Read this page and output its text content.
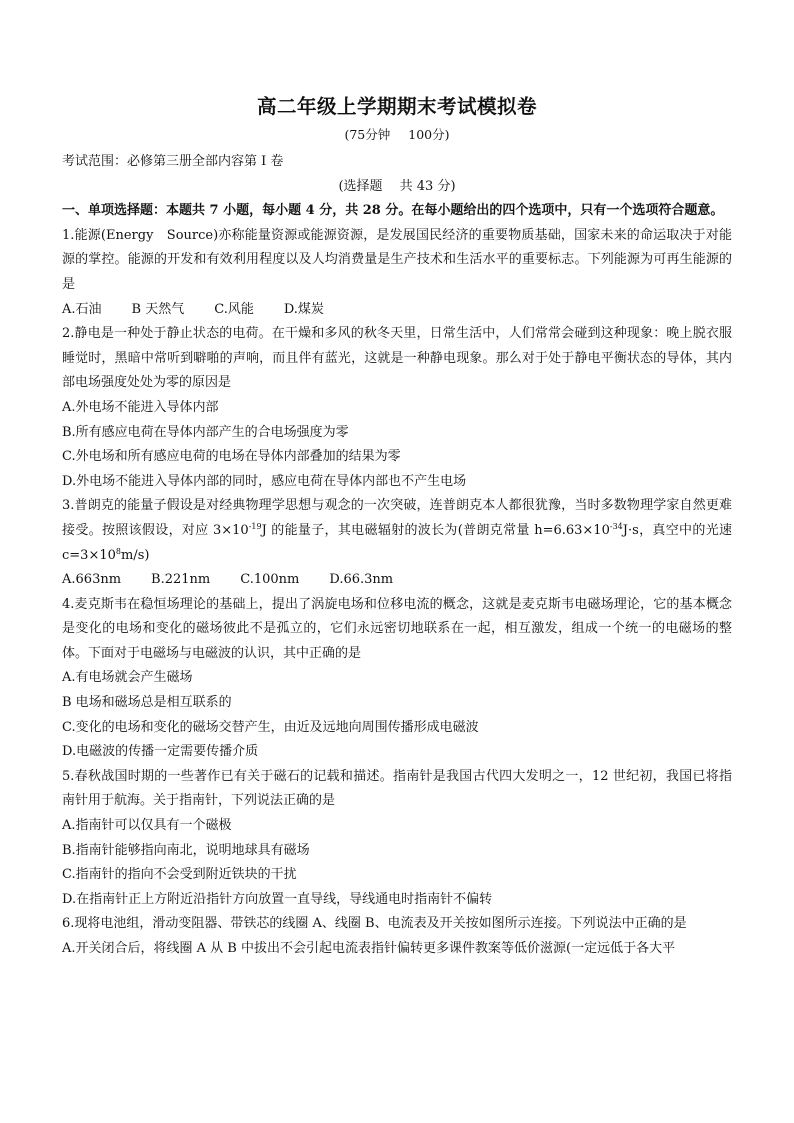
高二年级上学期期末考试模拟卷
(75分钟 100分)

考试范围：必修第三册全部内容第 I 卷

(选择题　 共 43 分)

一、单项选择题：本题共 7 小题，每小题 4 分，共 28 分。在每小题给出的四个选项中，只有一个选项符合题意。

1.能源(Energy　Source)亦称能量资源或能源资源，是发展国民经济的重要物质基础，国家未来的命运取决于对能源的掌控。能源的开发和有效利用程度以及人均消费量是生产技术和生活水平的重要标志。下列能源为可再生能源的是

A.石油 B 天然气 C.风能 D.煤炭

2.静电是一种处于静止状态的电荷。在干燥和多风的秋冬天里，日常生活中，人们常常会碰到这种现象：晚上脱衣服睡觉时，黑暗中常听到噼啪的声响，而且伴有蓝光，这就是一种静电现象。那么对于处于静电平衡状态的导体，其内部电场强度处处为零的原因是

A.外电场不能进入导体内部

B.所有感应电荷在导体内部产生的合电场强度为零

C.外电场和所有感应电荷的电场在导体内部叠加的结果为零

D.外电场不能进入导体内部的同时，感应电荷在导体内部也不产生电场

3.普朗克的能量子假设是对经典物理学思想与观念的一次突破，连普朗克本人都很犹豫，当时多数物理学家自然更难接受。按照该假设，对应 $3\times 10^{-19}J$ 的能量子，其电磁辐射的波长为(普朗克常量 $h=6.63\times 10^{-34}J\cdot s$，真空中的光速 $c=3\times 10^8m/s$)

A.663nm B.221nm C.100nm D.66.3nm

4.麦克斯韦在稳恒场理论的基础上，提出了涡旋电场和位移电流的概念，这就是麦克斯韦电磁场理论，它的基本概念是变化的电场和变化的磁场彼此不是孤立的，它们永远密切地联系在一起，相互激发，组成一个统一的电磁场的整体。下面对于电磁场与电磁波的认识，其中正确的是

A.有电场就会产生磁场

B 电场和磁场总是相互联系的

C.变化的电场和变化的磁场交替产生，由近及远地向周围传播形成电磁波

D.电磁波的传播一定需要传播介质

5.春秋战国时期的一些著作已有关于磁石的记载和描述。指南针是我国古代四大发明之一，12 世纪初，我国已将指南针用于航海。关于指南针，下列说法正确的是

A.指南针可以仅具有一个磁极

B.指南针能够指向南北，说明地球具有磁场

C.指南针的指向不会受到附近铁块的干扰

D.在指南针正上方附近沿指针方向放置一直导线，导线通电时指南针不偏转

6.现将电池组，滑动变阻器、带铁芯的线圈 A、线圈 B、电流表及开关按如图所示连接。下列说法中正确的是

A.开关闭合后，将线圈 A 从 B 中拔出不会引起电流表指针偏转更多课件教案等低价滋源(一定远低于各大平
